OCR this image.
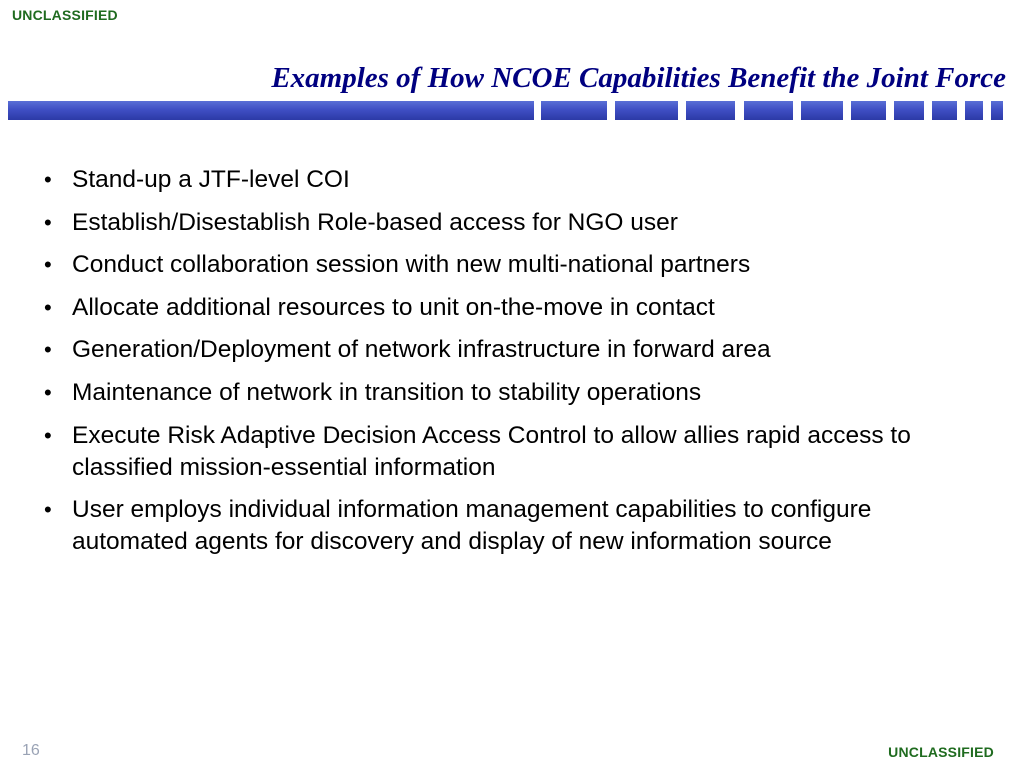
UNCLASSIFIED
Examples of How NCOE Capabilities Benefit the Joint Force
• Stand-up a JTF-level COI
• Establish/Disestablish Role-based access for NGO user
• Conduct collaboration session with new multi-national partners
• Allocate additional resources to unit on-the-move in contact
• Generation/Deployment of network infrastructure in forward area
• Maintenance of network in transition to stability operations
• Execute Risk Adaptive Decision Access Control to allow allies rapid access to classified mission-essential information
• User employs individual information management capabilities to configure automated agents for discovery and display of new information source
16	UNCLASSIFIED
